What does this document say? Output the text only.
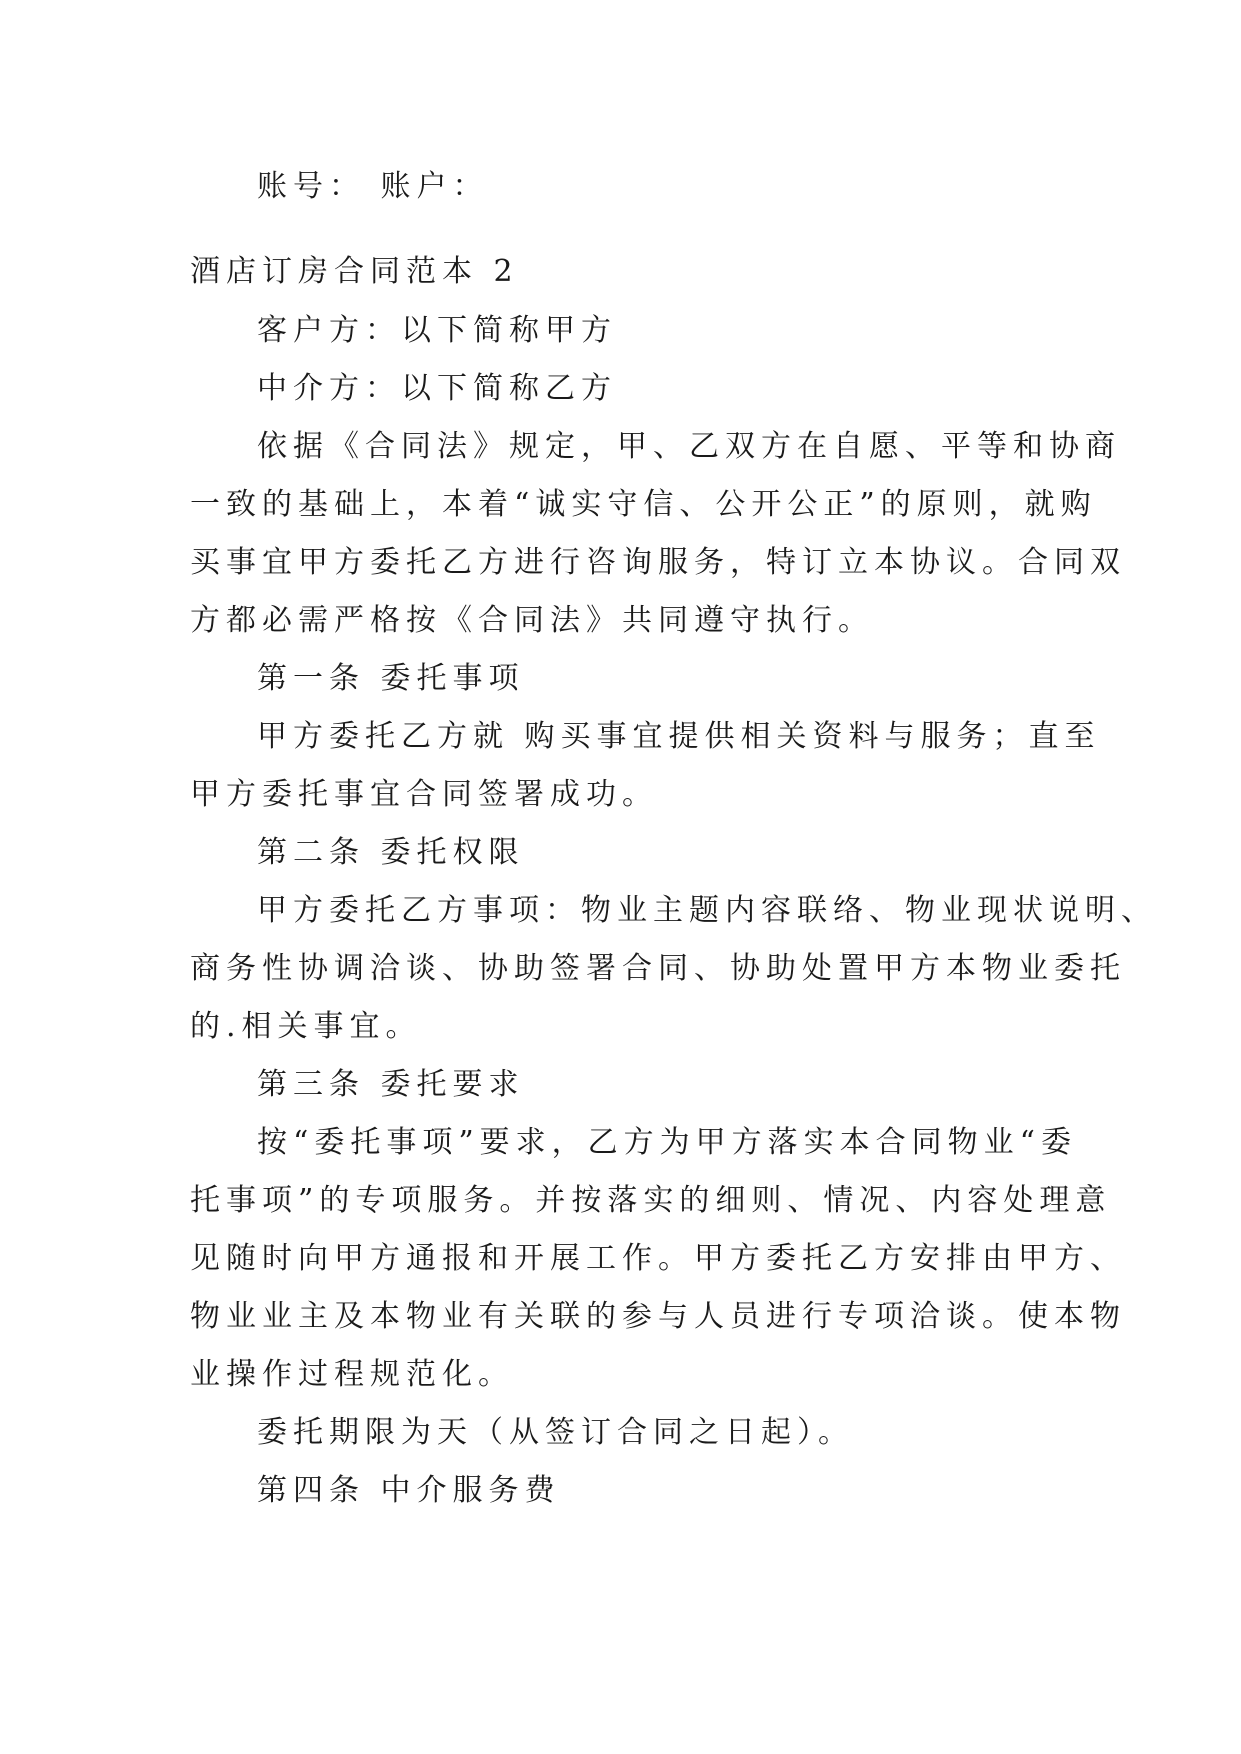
账号： 账户：
酒店订房合同范本 2
客户方：以下简称甲方
中介方：以下简称乙方
依据《合同法》规定，甲、乙双方在自愿、平等和协商
一致的基础上，本着“诚实守信、公开公正”的原则，就购
买事宜甲方委托乙方进行咨询服务，特订立本协议。合同双
方都必需严格按《合同法》共同遵守执行。
第一条 委托事项
甲方委托乙方就 购买事宜提供相关资料与服务；直至
甲方委托事宜合同签署成功。
第二条 委托权限
甲方委托乙方事项：物业主题内容联络、物业现状说明、
商务性协调洽谈、协助签署合同、协助处置甲方本物业委托
的.相关事宜。
第三条 委托要求
按“委托事项”要求，乙方为甲方落实本合同物业“委
托事项”的专项服务。并按落实的细则、情况、内容处理意
见随时向甲方通报和开展工作。甲方委托乙方安排由甲方、
物业业主及本物业有关联的参与人员进行专项洽谈。使本物
业操作过程规范化。
委托期限为天（从签订合同之日起）。
第四条 中介服务费
